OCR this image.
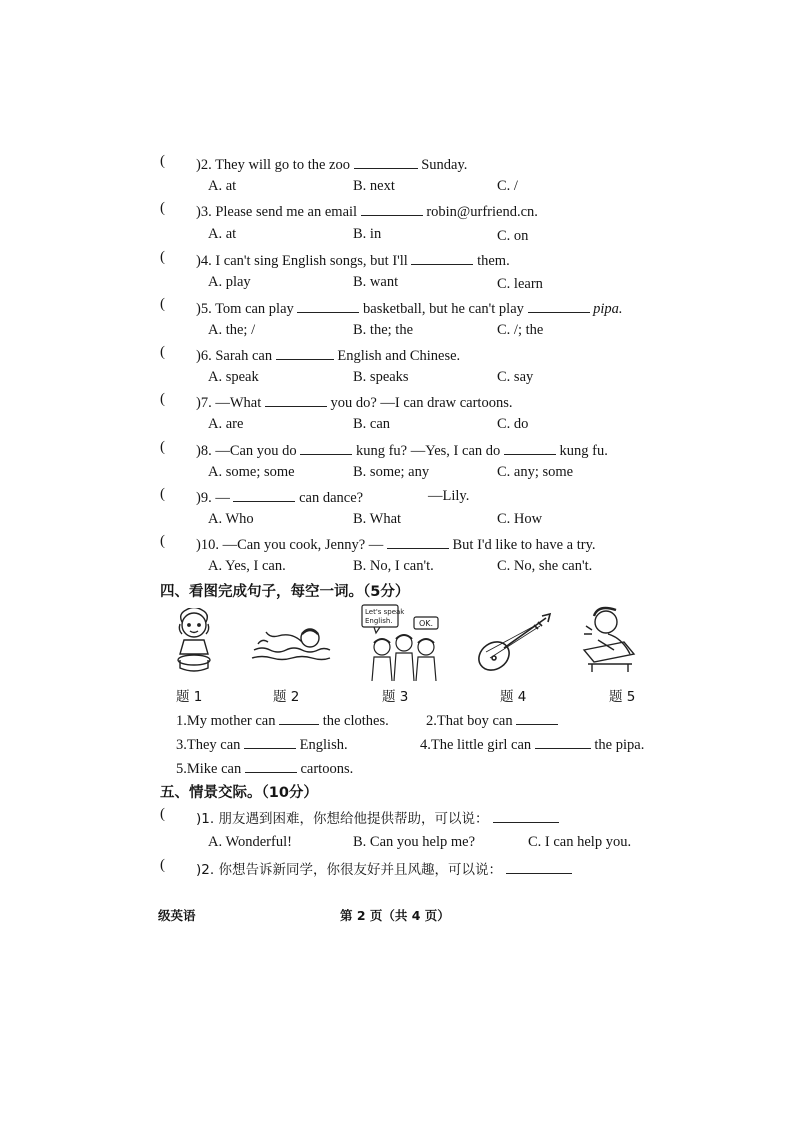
( )2. They will go to the zoo	Sunday.
A. at	B. next	C. /
( )3. Please send me an email	robin@urfriend.cn.
A. at	B. in	C. on
( )4. I can't sing English songs, but I'll	them.
A. play	B. want	C. learn
( )5. Tom can play	basketball, but he can't play	pipa.
A. the; /	B. the; the	C. /; the
( )6. Sarah can	English and Chinese.
A. speak	B. speaks	C. say
( )7. —What	you do? —I can draw cartoons.
A. are	B. can	C. do
( )8. —Can you do	kung fu? —Yes, I can do	kung fu.
A. some; some	B. some; any	C. any; some
( )9. —	can dance?	—Lily.
A. Who	B. What	C. How
( )10. —Can you cook, Jenny? —	But I'd like to have a try.
A. Yes, I can.	B. No, I can't.	C. No, she can't.
四、看图完成句子，每空一词。（5分）
Let's speak
English.	OK.
题 1	题 2	题 3	题 4	题 5
1.My mother can	the clothes.	2.That boy can
3.They can	English.	4.The little girl can	the pipa.
5.Mike can	cartoons.
五、情景交际。（10分）
( )1. 朋友遇到困难，你想给他提供帮助，可以说：
A. Wonderful!	B. Can you help me?	C. I can help you.
( )2. 你想告诉新同学，你很友好并且风趣，可以说：
级英语	第 2 页（共 4 页）
